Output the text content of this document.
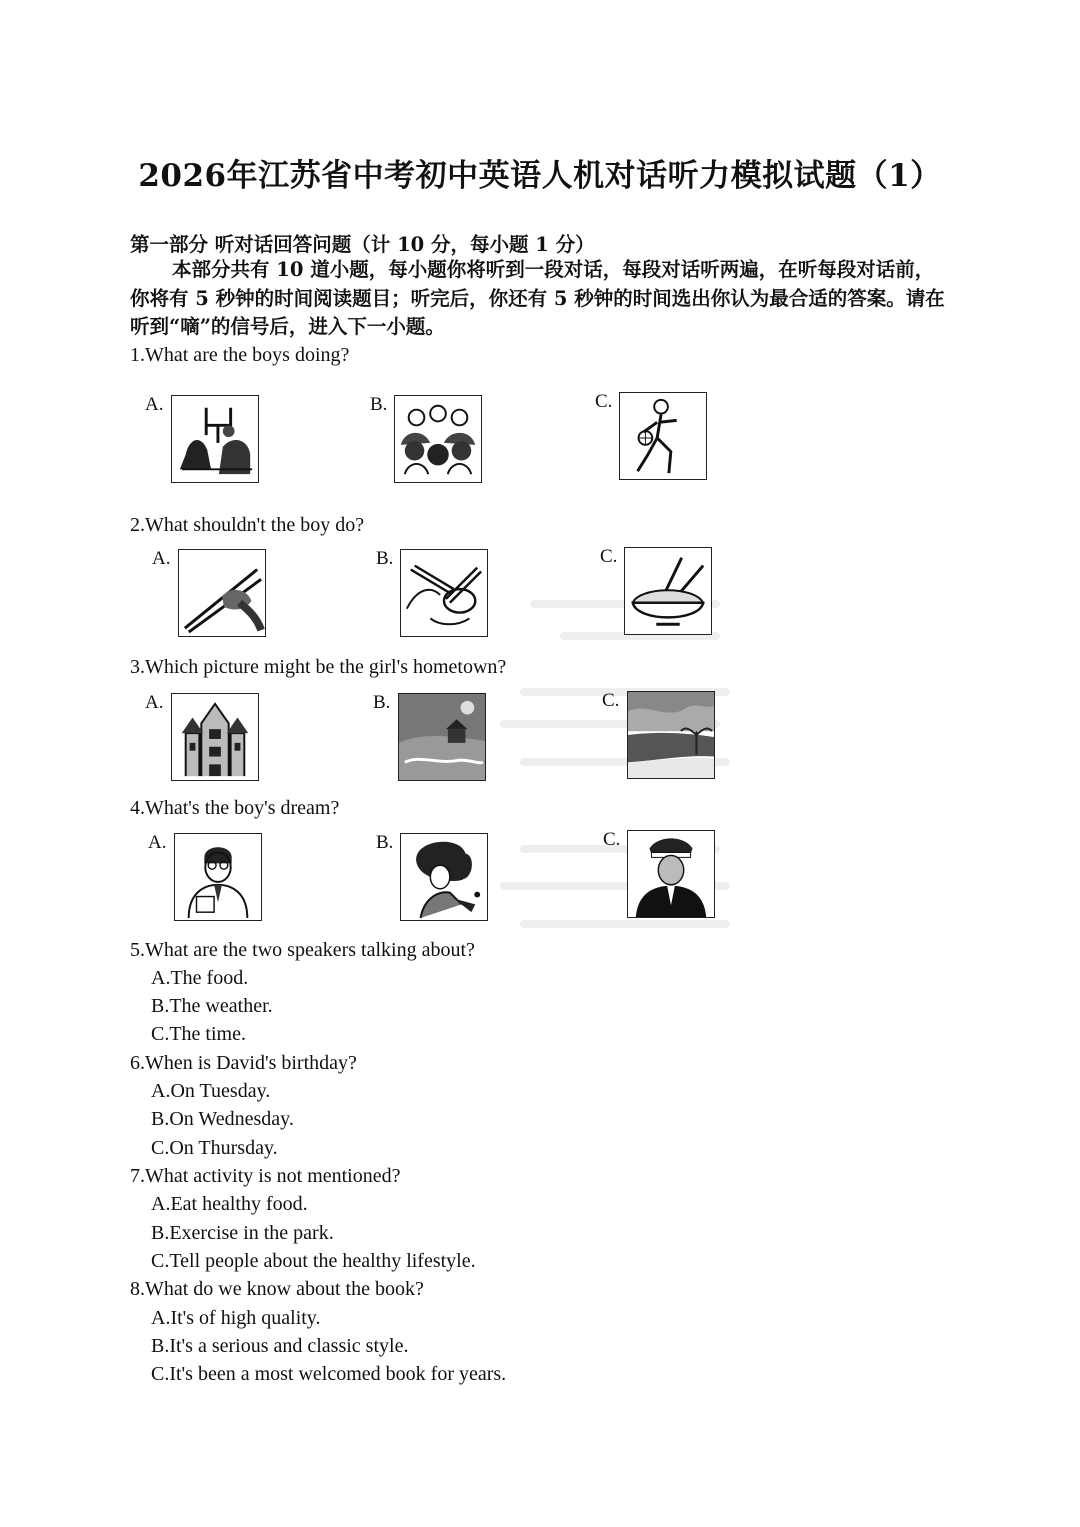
2026年江苏省中考初中英语人机对话听力模拟试题（1）
第一部分 听对话回答问题（计 10 分，每小题 1 分）
本部分共有 10 道小题，每小题你将听到一段对话，每段对话听两遍，在听每段对话前，你将有 5 秒钟的时间阅读题目；听完后，你还有 5 秒钟的时间选出你认为最合适的答案。请在听到“嘀”的信号后，进入下一小题。
1.What are the boys doing?
A.	B.	C.
2.What shouldn't the boy do?
A.	B.	C.
3.Which picture might be the girl's hometown?
A.	B.	C.
4.What's the boy's dream?
A.	B.	C.
5.What are the two speakers talking about?
A.The food.
B.The weather.
C.The time.
6.When is David's birthday?
A.On Tuesday.
B.On Wednesday.
C.On Thursday.
7.What activity is not mentioned?
A.Eat healthy food.
B.Exercise in the park.
C.Tell people about the healthy lifestyle.
8.What do we know about the book?
A.It's of high quality.
B.It's a serious and classic style.
C.It's been a most welcomed book for years.
